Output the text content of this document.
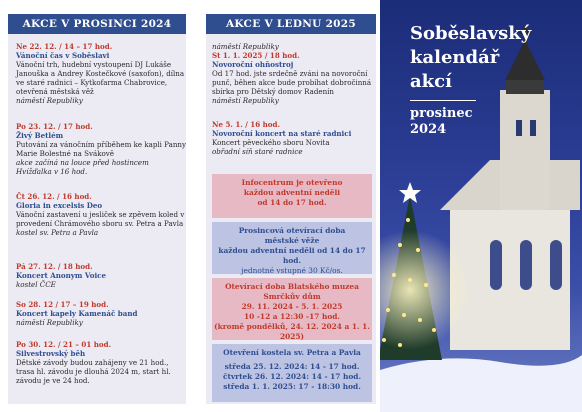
AKCE V PROSINCI 2024
Ne 22. 12. / 14 – 17 hod.
Vánoční čas v Soběslavi
Vánoční trh, hudební vystoupení DJ Lukáše Janouška a Andrey Kostečkové (saxofon), dílna ve staré radnici – Kytkofarma Chabrovice, otevřená městská věž
náměstí Republiky
Po 23. 12. / 17 hod.
Živý Betlém
Putování za vánočním příběhem ke kapli Panny Marie Bolestné na Svákově
akce začíná na louce před hostincem Hvížďalka v 16 hod.
Čt 26. 12. / 16 hod.
Gloria in excelsis Deo
Vánoční zastavení u jesliček se zpěvem koled v provedení Chrámového sboru sv. Petra a Pavla
kostel sv. Petra a Pavla
Pá 27. 12. / 18 hod.
Koncert Anonym Voice
kostel ČCE
So 28. 12 / 17 – 19 hod.
Koncert kapely Kamenáč band
náměstí Republiky
Po 30. 12. / 21 – 01 hod.
Silvestrovský běh
Dětské závody budou zahájeny ve 21 hod., trasa hl. závodu je dlouhá 2024 m, start hl. závodu je ve 24 hod.
AKCE V LEDNU 2025
náměstí Republiky
St 1. 1. 2025 / 18 hod.
Novoroční ohňostroj
Od 17 hod. jste srdečně zváni na novoroční punč, běhen akce bude probíhat dobročinná sbírka pro Dětský domov Radenín
náměstí Republiky
Ne 5. 1. / 16 hod.
Novoroční koncert na staré radnici
Koncert pěveckého sboru Novita
obřadní síň staré radnice
Infocentrum je otevřeno
každou adventní neděli
od 14 do 17 hod.
Prosincová otevírací doba
městské věže
každou adventní neděli od 14 do 17 hod.
jednotné vstupné 30 Kč/os.
Otevírací doba Blatského muzea
Smrčkův dům
29. 11. 2024 - 5. 1. 2025
10 -12 a 12:30 -17 hod.
(kromě pondělků, 24. 12. 2024 a 1. 1. 2025)
Otevření kostela sv. Petra a Pavla
středa 25. 12. 2024: 14 - 17 hod.
čtvrtek 26. 12. 2024: 14 - 17 hod.
středa 1. 1. 2025: 17 - 18:30 hod.
Soběslavský
kalendář
akcí
prosinec
2024
